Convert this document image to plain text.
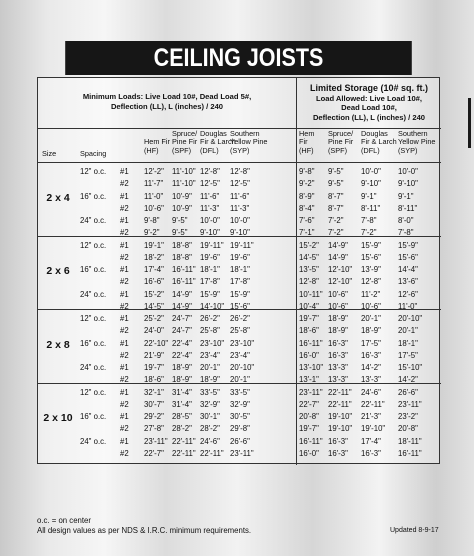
CEILING JOISTS
Minimum Loads: Live Load 10#, Dead Load 5#,
Deflection (LL), L (inches) / 240
Limited Storage (10# sq. ft.)
Load Allowed: Live Load 10#,
Dead Load 10#,
Deflection (LL), L (inches) / 240
Size	Spacing
Hem Fir
(HF)
Spruce/
Pine Fir
(SPF)
Douglas
Fir & Larch
(DFL)
Southern
Yellow Pine
(SYP)
Hem
Fir
(HF)
Spruce/
Pine Fir
(SPF)
Douglas
Fir & Larch
(DFL)
Southern
Yellow Pine
(SYP)
2 x 4
12" o.c. #1 12'-2" 11'-10" 12'-8" 12'-8"	9'-8" 9'-5" 10'-0" 10'-0"
#2 11'-7" 11'-10" 12'-5" 12'-5"	9'-2" 9'-5" 9'-10" 9'-10"
16" o.c. #1 11'-0" 10'-9" 11'-6" 11'-6"	8'-9" 8'-7" 9'-1"	9'-1"
#2 10'-6" 10'-9" 11'-3" 11'-3"	8'-4" 8'-7" 8'-11" 8'-11"
24" o.c. #1 9'-8" 9'-5" 10'-0" 10'-0"	7'-6" 7'-2" 7'-8"	8'-0"
#2 9'-2" 9'-5" 9'-10" 9'-10"	7'-1" 7'-2" 7'-2"	7'-8"
2 x 6
12" o.c. #1 19'-1" 18'-8" 19'-11" 19'-11"	15'-2" 14'-9" 15'-9" 15'-9"
#2 18'-2" 18'-8" 19'-6" 19'-6"	14'-5" 14'-9" 15'-6" 15'-6"
16" o.c. #1 17'-4" 16'-11" 18'-1" 18'-1"	13'-5" 12'-10" 13'-9" 14'-4"
#2 16'-6" 16'-11" 17'-8" 17'-8"	12'-8" 12'-10" 12'-8" 13'-6"
24" o.c. #1 15'-2" 14'-9" 15'-9" 15'-9"	10'-11" 10'-6" 11'-2" 12'-6"
#2 14'-5" 14'-9" 14'-10" 15'-6"	10'-4" 10'-6" 10'-6" 11'-0"
2 x 8
12" o.c. #1 25'-2" 24'-7" 26'-2" 26'-2"	19'-7" 18'-9" 20'-1" 20'-10"
#2 24'-0" 24'-7" 25'-8" 25'-8"	18'-6" 18'-9" 18'-9" 20'-1"
16" o.c. #1 22'-10" 22'-4" 23'-10" 23'-10"	16'-11" 16'-3" 17'-5" 18'-1"
#2 21'-9" 22'-4" 23'-4" 23'-4"	16'-0" 16'-3" 16'-3" 17'-5"
24" o.c. #1 19'-7" 18'-9" 20'-1" 20'-10"	13'-10" 13'-3" 14'-2" 15'-10"
#2 18'-6" 18'-9" 18'-9" 20'-1"	13'-1" 13'-3" 13'-3" 14'-2"
2 x 10
12" o.c. #1 32'-1" 31'-4" 33'-5" 33'-5"	23'-11" 22'-11" 24'-6" 26'-6"
#2 30'-7" 31'-4" 32'-9" 32'-9"	22'-7" 22'-11" 22'-11" 23'-11"
16" o.c. #1 29'-2" 28'-5" 30'-1" 30'-5"	20'-8" 19'-10" 21'-3" 23'-2"
#2 27'-8" 28'-2" 28'-2" 29'-8"	19'-7" 19'-10" 19'-10" 20'-8"
24" o.c. #1 23'-11" 22'-11" 24'-6" 26'-6"	16'-11" 16'-3" 17'-4" 18'-11"
#2 22'-7" 22'-11" 22'-11" 23'-11"	16'-0" 16'-3" 16'-3" 16'-11"
o.c. = on center
All design values as per NDS & I.R.C. minimum requirements.	Updated 8-9-17
